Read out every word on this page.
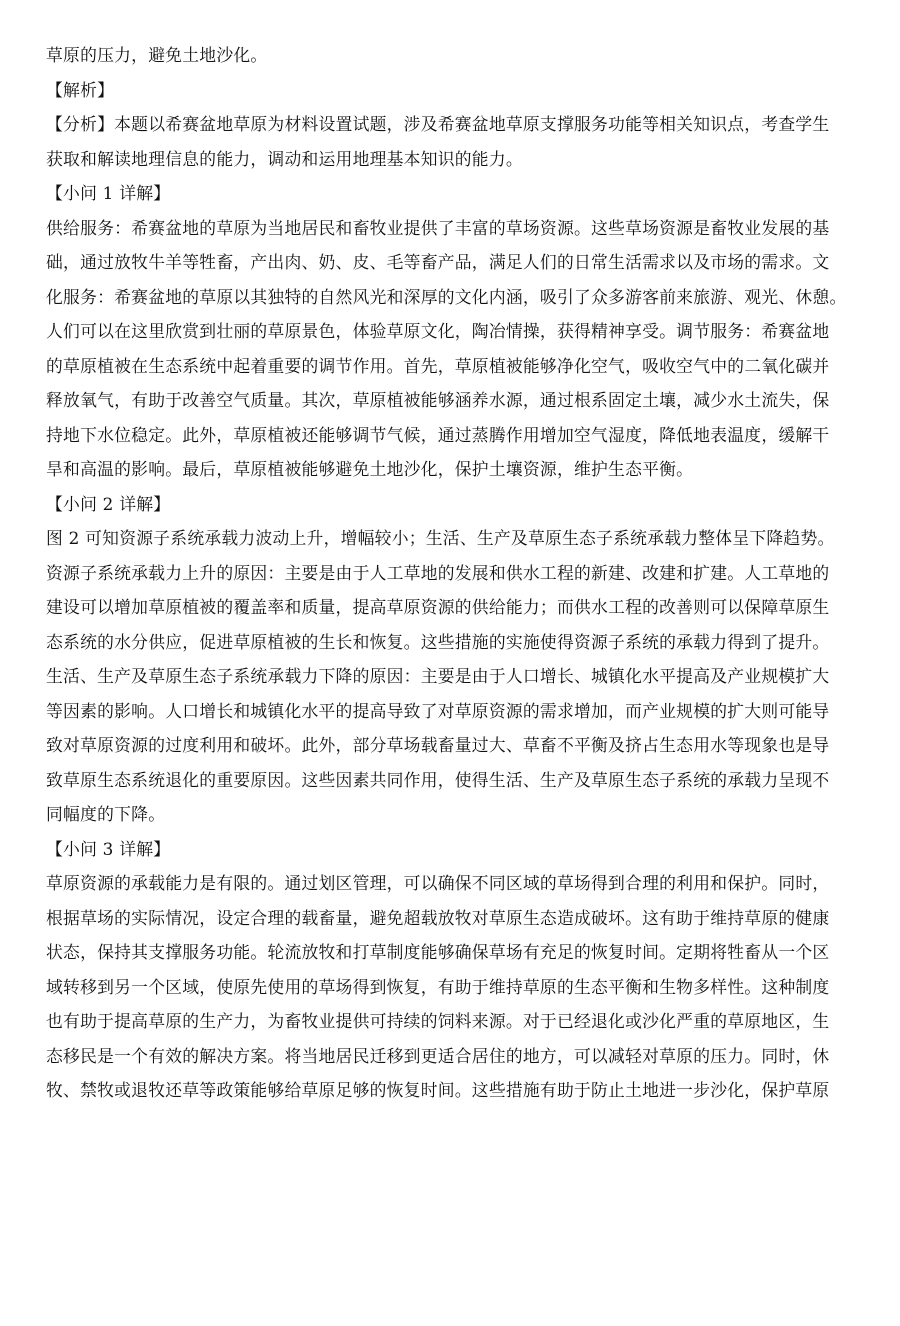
草原的压力，避免土地沙化。
【解析】
【分析】本题以希赛盆地草原为材料设置试题，涉及希赛盆地草原支撑服务功能等相关知识点，考查学生
获取和解读地理信息的能力，调动和运用地理基本知识的能力。
【小问 1 详解】
供给服务：希赛盆地的草原为当地居民和畜牧业提供了丰富的草场资源。这些草场资源是畜牧业发展的基
础，通过放牧牛羊等牲畜，产出肉、奶、皮、毛等畜产品，满足人们的日常生活需求以及市场的需求。文
化服务：希赛盆地的草原以其独特的自然风光和深厚的文化内涵，吸引了众多游客前来旅游、观光、休憩。
人们可以在这里欣赏到壮丽的草原景色，体验草原文化，陶冶情操，获得精神享受。调节服务：希赛盆地
的草原植被在生态系统中起着重要的调节作用。首先，草原植被能够净化空气，吸收空气中的二氧化碳并
释放氧气，有助于改善空气质量。其次，草原植被能够涵养水源，通过根系固定土壤，减少水土流失，保
持地下水位稳定。此外，草原植被还能够调节气候，通过蒸腾作用增加空气湿度，降低地表温度，缓解干
旱和高温的影响。最后，草原植被能够避免土地沙化，保护土壤资源，维护生态平衡。
【小问 2 详解】
图 2 可知资源子系统承载力波动上升，增幅较小；生活、生产及草原生态子系统承载力整体呈下降趋势。
资源子系统承载力上升的原因：主要是由于人工草地的发展和供水工程的新建、改建和扩建。人工草地的
建设可以增加草原植被的覆盖率和质量，提高草原资源的供给能力；而供水工程的改善则可以保障草原生
态系统的水分供应，促进草原植被的生长和恢复。这些措施的实施使得资源子系统的承载力得到了提升。
生活、生产及草原生态子系统承载力下降的原因：主要是由于人口增长、城镇化水平提高及产业规模扩大
等因素的影响。人口增长和城镇化水平的提高导致了对草原资源的需求增加，而产业规模的扩大则可能导
致对草原资源的过度利用和破坏。此外，部分草场载畜量过大、草畜不平衡及挤占生态用水等现象也是导
致草原生态系统退化的重要原因。这些因素共同作用，使得生活、生产及草原生态子系统的承载力呈现不
同幅度的下降。
【小问 3 详解】
草原资源的承载能力是有限的。通过划区管理，可以确保不同区域的草场得到合理的利用和保护。同时，
根据草场的实际情况，设定合理的载畜量，避免超载放牧对草原生态造成破坏。这有助于维持草原的健康
状态，保持其支撑服务功能。轮流放牧和打草制度能够确保草场有充足的恢复时间。定期将牲畜从一个区
域转移到另一个区域，使原先使用的草场得到恢复，有助于维持草原的生态平衡和生物多样性。这种制度
也有助于提高草原的生产力，为畜牧业提供可持续的饲料来源。对于已经退化或沙化严重的草原地区，生
态移民是一个有效的解决方案。将当地居民迁移到更适合居住的地方，可以减轻对草原的压力。同时，休
牧、禁牧或退牧还草等政策能够给草原足够的恢复时间。这些措施有助于防止土地进一步沙化，保护草原
